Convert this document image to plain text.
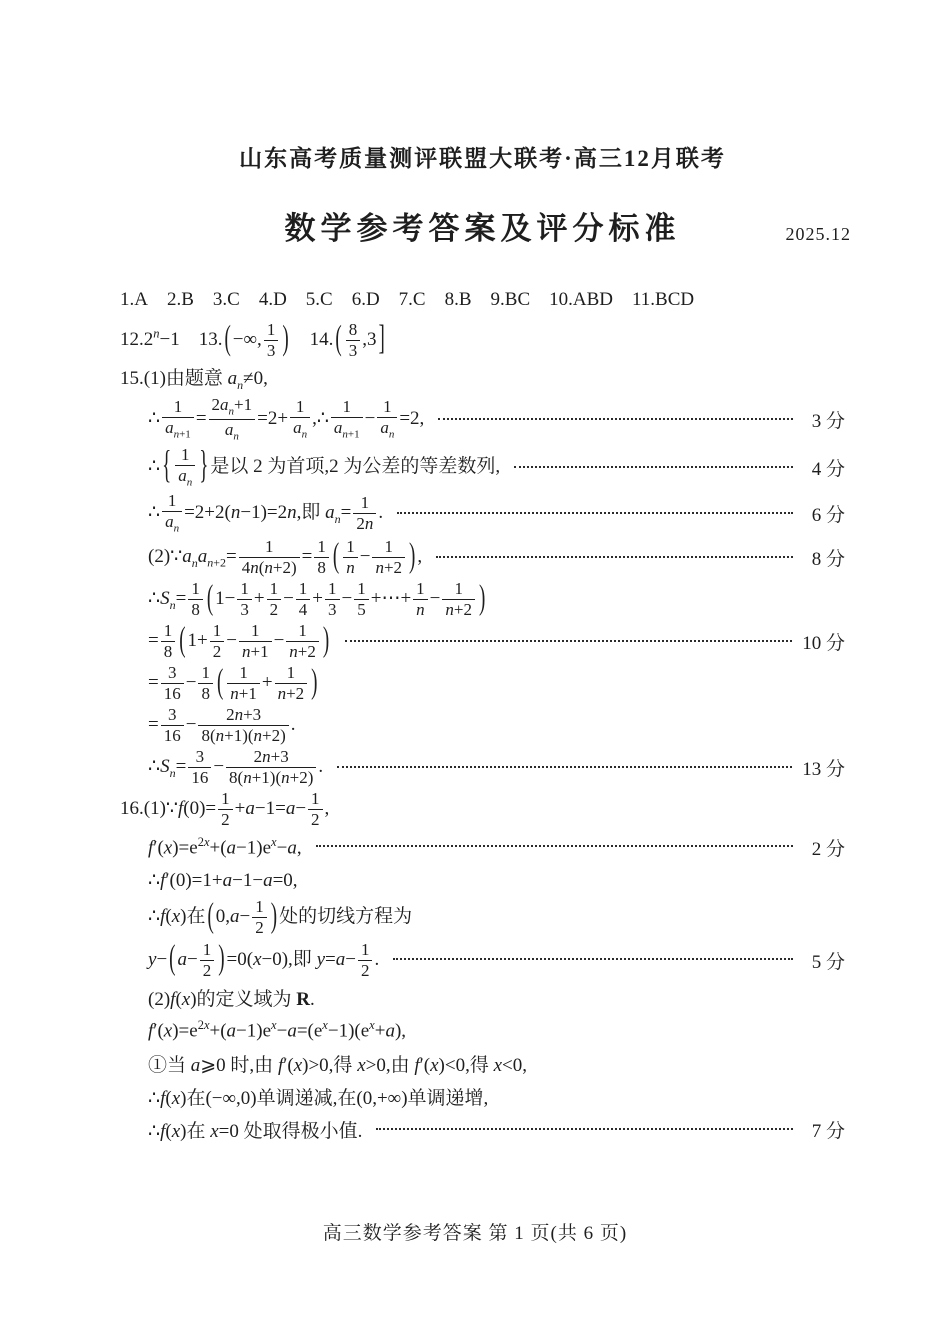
山东高考质量测评联盟大联考·高三12月联考
数学参考答案及评分标准	2025.12
1.A 2.B 3.C 4.D 5.C 6.D 7.C 8.B 9.BC 10.ABD 11.BCD
$12.2^n-1$ 13. ( −∞, $\frac{1}{3}$ ) 14. ( $\frac{8}{3} ,3$ ]
15.(1)由题意 $a_n\ne 0$,
∴ $\frac{1}{a_{n+1}} = \frac{2a_n+1}{a_n} =2+ \frac{1}{a_n}$ ,∴ $\frac{1}{a_{n+1}} - \frac{1}{a_n} =2$,	3 分
∴ { $\frac{1}{a_n}$ } 是以 2 为首项,2 为公差的等差数列,	4 分
∴ $\frac{1}{a_n} =2+2(n-1)=2n$,即 $a_n= \frac{1}{2n}$ .	6 分
$(2)\because a_na_{n+2}= \frac{1}{4n(n+2)} = \frac{1}{8}$ ( $\frac{1}{n} - \frac{1}{n+2}$ ) ,	8 分
$\therefore S_n= \frac{1}{8}$ ( $1- \frac{1}{3} + \frac{1}{2} - \frac{1}{4} + \frac{1}{3} - \frac{1}{5}$ +⋯+ $\frac{1}{n} - \frac{1}{n+2}$ )
= $\frac{1}{8}$ ( $1+ \frac{1}{2} - \frac{1}{n+1} - \frac{1}{n+2}$ )	10 分
= $\frac{3}{16} - \frac{1}{8}$ ( $\frac{1}{n+1} + \frac{1}{n+2}$ )
= $\frac{3}{16} - \frac{2n+3}{8(n+1)(n+2)}$ .
$\therefore S_n= \frac{3}{16} - \frac{2n+3}{8(n+1)(n+2)}$ .	13 分
16.(1)∵f(0)= $\frac{1}{2} +a-1=a- \frac{1}{2}$ ,
$f'(x)=e^{2x}+(a-1)e^x-a$,	2 分
∴f′(0)=1+a−1−a=0,
∴f(x)在 ( $0,a- \frac{1}{2}$ ) 处的切线方程为
y− ( $a- \frac{1}{2}$ ) =0(x−0),即 $y=a- \frac{1}{2}$ .	5 分
(2)f(x)的定义域为 R.
$f'(x)=e^{2x}+(a-1)e^x-a=(e^x-1)(e^x+a)$,
①当 a⩾0 时,由 f′(x)>0,得 x>0,由 f′(x)<0,得 x<0,
∴f(x)在(−∞,0)单调递减,在(0,+∞)单调递增,
∴f(x)在 x=0 处取得极小值.	7 分
高三数学参考答案 第 1 页(共 6 页)
